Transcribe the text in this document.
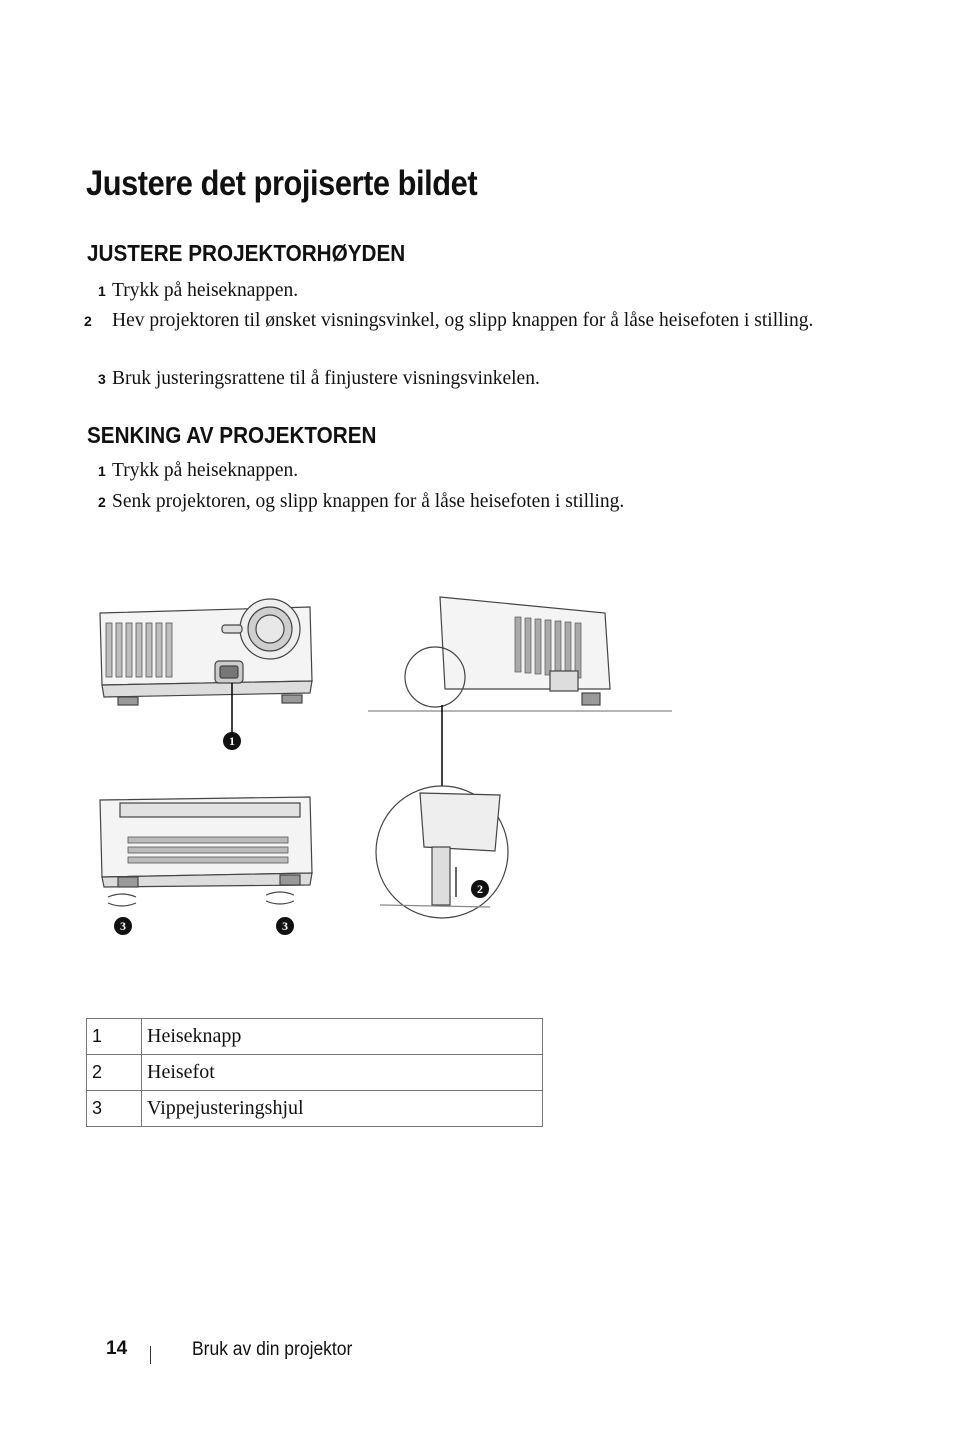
Justere det projiserte bildet
JUSTERE PROJEKTORHØYDEN
1 Trykk på heiseknappen.
2 Hev projektoren til ønsket visningsvinkel, og slipp knappen for å låse heisefoten i stilling.
3 Bruk justeringsrattene til å finjustere visningsvinkelen.
SENKING AV PROJEKTOREN
1 Trykk på heiseknappen.
2 Senk projektoren, og slipp knappen for å låse heisefoten i stilling.
1
2
3	3
1	Heiseknapp
2	Heisefot
3	Vippejusteringshjul
14	Bruk av din projektor
